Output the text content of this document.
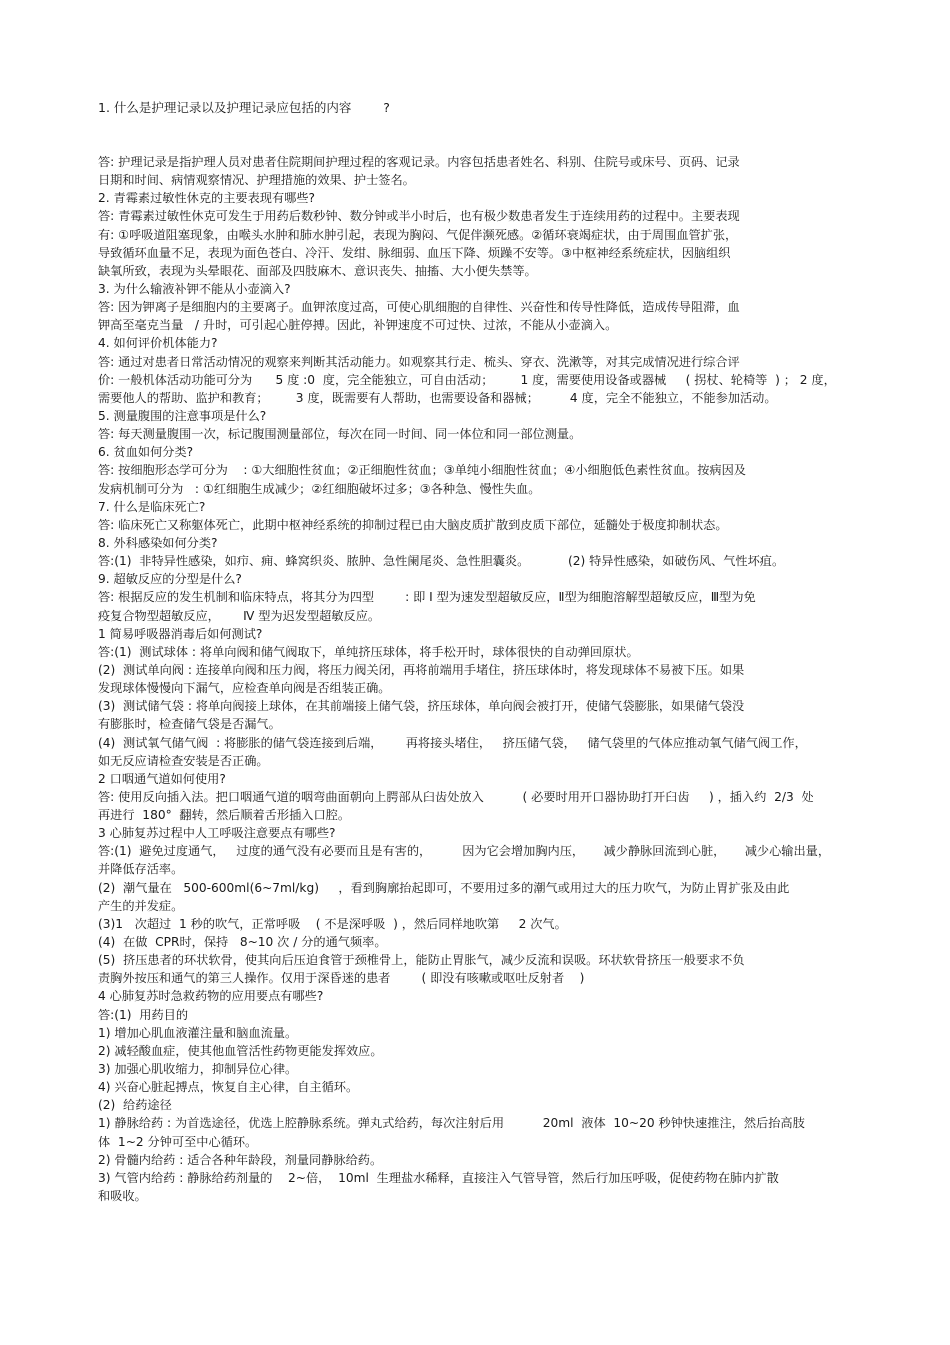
1. 什么是护理记录以及护理记录应包括的内容        ?
答: 护理记录是指护理人员对患者住院期间护理过程的客观记录。内容包括患者姓名、科别、住院号或床号、页码、记录
日期和时间、病情观察情况、护理措施的效果、护士签名。
2. 青霉素过敏性休克的主要表现有哪些?
答: 青霉素过敏性休克可发生于用药后数秒钟、数分钟或半小时后，也有极少数患者发生于连续用药的过程中。主要表现
有: ①呼吸道阻塞现象，由喉头水肿和肺水肿引起，表现为胸闷、气促伴濒死感。②循环衰竭症状，由于周围血管扩张，
导致循环血量不足，表现为面色苍白、冷汗、发绀、脉细弱、血压下降、烦躁不安等。③中枢神经系统症状，因脑组织
缺氧所致，表现为头晕眼花、面部及四肢麻木、意识丧失、抽搐、大小便失禁等。
3. 为什么输液补钾不能从小壶滴入?
答: 因为钾离子是细胞内的主要离子。血钾浓度过高，可使心肌细胞的自律性、兴奋性和传导性降低，造成传导阻滞，血
钾高至毫克当量   / 升时，可引起心脏停搏。因此，补钾速度不可过快、过浓，不能从小壶滴入。
4. 如何评价机体能力?
答: 通过对患者日常活动情况的观察来判断其活动能力。如观察其行走、梳头、穿衣、洗漱等，对其完成情况进行综合评
价: 一般机体活动功能可分为      5 度 :0  度，完全能独立，可自由活动；       1 度，需要使用设备或器械     ( 拐杖、轮椅等  ) ； 2 度，
需要他人的帮助、监护和教育；       3 度，既需要有人帮助，也需要设备和器械；        4 度，完全不能独立，不能参加活动。
5. 测量腹围的注意事项是什么?
答: 每天测量腹围一次，标记腹围测量部位，每次在同一时间、同一体位和同一部位测量。
6. 贫血如何分类?
答: 按细胞形态学可分为    : ①大细胞性贫血；②正细胞性贫血；③单纯小细胞性贫血；④小细胞低色素性贫血。按病因及
发病机制可分为   : ①红细胞生成减少；②红细胞破坏过多；③各种急、慢性失血。
7. 什么是临床死亡?
答: 临床死亡又称躯体死亡，此期中枢神经系统的抑制过程已由大脑皮质扩散到皮质下部位，延髓处于极度抑制状态。
8. 外科感染如何分类?
答:(1)  非特异性感染，如疖、痈、蜂窝织炎、脓肿、急性阑尾炎、急性胆囊炎。          (2) 特异性感染，如破伤风、气性坏疽。
9. 超敏反应的分型是什么?
答: 根据反应的发生机制和临床特点，将其分为四型        : 即 Ⅰ 型为速发型超敏反应，Ⅱ型为细胞溶解型超敏反应，Ⅲ型为免
疫复合物型超敏反应，      Ⅳ 型为迟发型超敏反应。
1 简易呼吸器消毒后如何测试?
答:(1)  测试球体 : 将单向阀和储气阀取下，单纯挤压球体，将手松开时，球体很快的自动弹回原状。
(2)  测试单向阀 : 连接单向阀和压力阀，将压力阀关闭，再将前端用手堵住，挤压球体时，将发现球体不易被下压。如果
发现球体慢慢向下漏气，应检查单向阀是否组装正确。
(3)  测试储气袋 : 将单向阀接上球体，在其前端接上储气袋，挤压球体，单向阀会被打开，使储气袋膨胀，如果储气袋没
有膨胀时，检查储气袋是否漏气。
(4)  测试氧气储气阀  : 将膨胀的储气袋连接到后端，      再将接头堵住，   挤压储气袋，   储气袋里的气体应推动氧气储气阀工作，
如无反应请检查安装是否正确。
2 口咽通气道如何使用?
答: 使用反向插入法。把口咽通气道的咽弯曲面朝向上腭部从臼齿处放入          ( 必要时用开口器协助打开臼齿     ) ，插入约  2/3  处
再进行  180°  翻转，然后顺着舌形插入口腔。
3 心肺复苏过程中人工呼吸注意要点有哪些?
答:(1)  避免过度通气，   过度的通气没有必要而且是有害的，        因为它会增加胸内压，     减少静脉回流到心脏，     减少心输出量，
并降低存活率。
(2)  潮气量在   500-600ml(6~7ml/kg)     ，看到胸廓抬起即可，不要用过多的潮气或用过大的压力吹气，为防止胃扩张及由此
产生的并发症。
(3)1   次超过  1 秒的吹气，正常呼吸    ( 不是深呼吸  ) ，然后同样地吹第     2 次气。
(4)  在做  CPR时，保持   8~10 次 / 分的通气频率。
(5)  挤压患者的环状软骨，使其向后压迫食管于颈椎骨上，能防止胃胀气，减少反流和误吸。环状软骨挤压一般要求不负
责胸外按压和通气的第三人操作。仅用于深昏迷的患者        ( 即没有咳嗽或呕吐反射者    )
4 心肺复苏时急救药物的应用要点有哪些?
答:(1)  用药目的
1) 增加心肌血液灌注量和脑血流量。
2) 减轻酸血症，使其他血管活性药物更能发挥效应。
3) 加强心肌收缩力，抑制异位心律。
4) 兴奋心脏起搏点，恢复自主心律，自主循环。
(2)  给药途径
1) 静脉给药 : 为首选途径，优选上腔静脉系统。弹丸式给药，每次注射后用          20ml  液体  10~20 秒钟快速推注，然后抬高肢
体  1~2 分钟可至中心循环。
2) 骨髓内给药 : 适合各种年龄段，剂量同静脉给药。
3) 气管内给药 : 静脉给药剂量的    2~倍，  10ml  生理盐水稀释，直接注入气管导管，然后行加压呼吸，促使药物在肺内扩散
和吸收。
